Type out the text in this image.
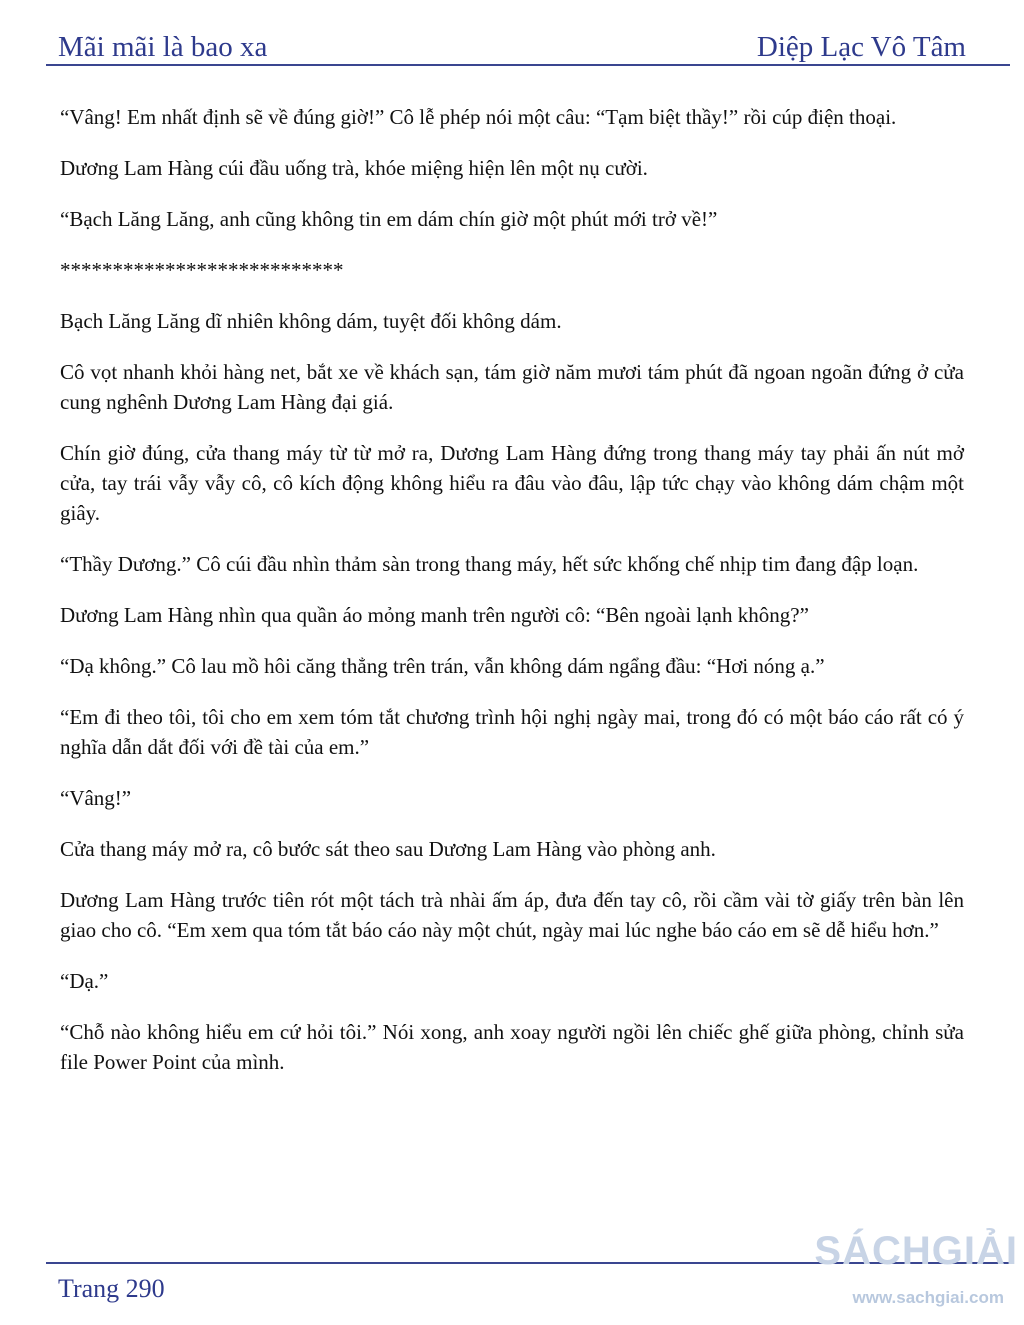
Mãi mãi là bao xa	Diệp Lạc Vô Tâm

“Vâng! Em nhất định sẽ về đúng giờ!” Cô lễ phép nói một câu: “Tạm biệt thầy!” rồi cúp điện thoại.

Dương Lam Hàng cúi đầu uống trà, khóe miệng hiện lên một nụ cười.

“Bạch Lăng Lăng, anh cũng không tin em dám chín giờ một phút mới trở về!”

***************************

Bạch Lăng Lăng dĩ nhiên không dám, tuyệt đối không dám.

Cô vọt nhanh khỏi hàng net, bắt xe về khách sạn, tám giờ năm mươi tám phút đã ngoan ngoãn đứng ở cửa cung nghênh Dương Lam Hàng đại giá.

Chín giờ đúng, cửa thang máy từ từ mở ra, Dương Lam Hàng đứng trong thang máy tay phải ấn nút mở cửa, tay trái vẫy vẫy cô, cô kích động không hiểu ra đâu vào đâu, lập tức chạy vào không dám chậm một giây.

“Thầy Dương.” Cô cúi đầu nhìn thảm sàn trong thang máy, hết sức khống chế nhịp tim đang đập loạn.

Dương Lam Hàng nhìn qua quần áo mỏng manh trên người cô: “Bên ngoài lạnh không?”

“Dạ không.” Cô lau mồ hôi căng thẳng trên trán, vẫn không dám ngẩng đầu: “Hơi nóng ạ.”

“Em đi theo tôi, tôi cho em xem tóm tắt chương trình hội nghị ngày mai, trong đó có một báo cáo rất có ý nghĩa dẫn dắt đối với đề tài của em.”

“Vâng!”

Cửa thang máy mở ra, cô bước sát theo sau Dương Lam Hàng vào phòng anh.

Dương Lam Hàng trước tiên rót một tách trà nhài ấm áp, đưa đến tay cô, rồi cầm vài tờ giấy trên bàn lên giao cho cô. “Em xem qua tóm tắt báo cáo này một chút, ngày mai lúc nghe báo cáo em sẽ dễ hiểu hơn.”

“Dạ.”

“Chỗ nào không hiểu em cứ hỏi tôi.” Nói xong, anh xoay người ngồi lên chiếc ghế giữa phòng, chỉnh sửa file Power Point của mình.

Trang 290
SÁCHGIẢI
www.sachgiai.com
